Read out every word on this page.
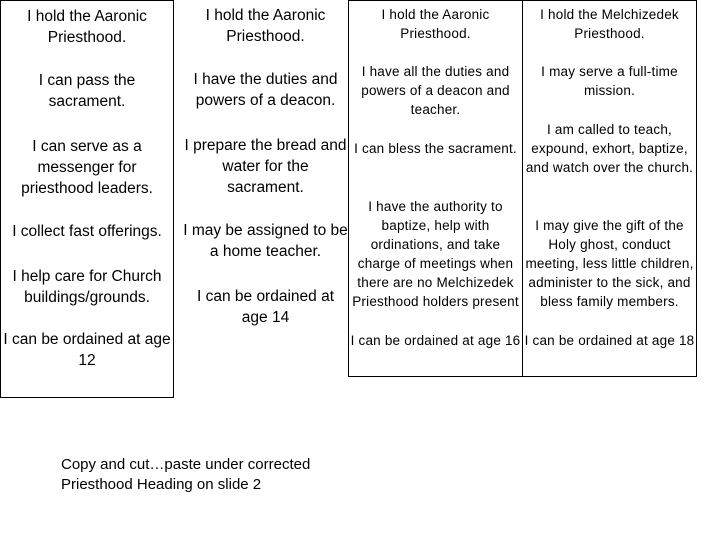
I hold the Aaronic Priesthood.
I can pass the sacrament.
I can serve as a messenger for priesthood leaders.
I collect fast offerings.
I help care for Church buildings/grounds.
I can be ordained at age 12
I hold the Aaronic Priesthood.
I have the duties and powers of a deacon.
I prepare the bread and water for the sacrament.
I may be assigned to be a home teacher.
I can be ordained at age 14
I hold the Aaronic Priesthood.
I have all the duties and powers of a deacon and teacher.
I can bless the sacrament.
I have the authority to baptize, help with ordinations, and take charge of meetings when there are no Melchizedek Priesthood holders present
I can be ordained at age 16
I hold the Melchizedek Priesthood.
I may serve a full-time mission.
I am called to teach, expound, exhort, baptize, and watch over the church.
I may give the gift of the Holy ghost, conduct meeting, less little children, administer to the sick, and bless family members.
I can be ordained at age 18
Copy and cut…paste under corrected Priesthood Heading on slide 2
